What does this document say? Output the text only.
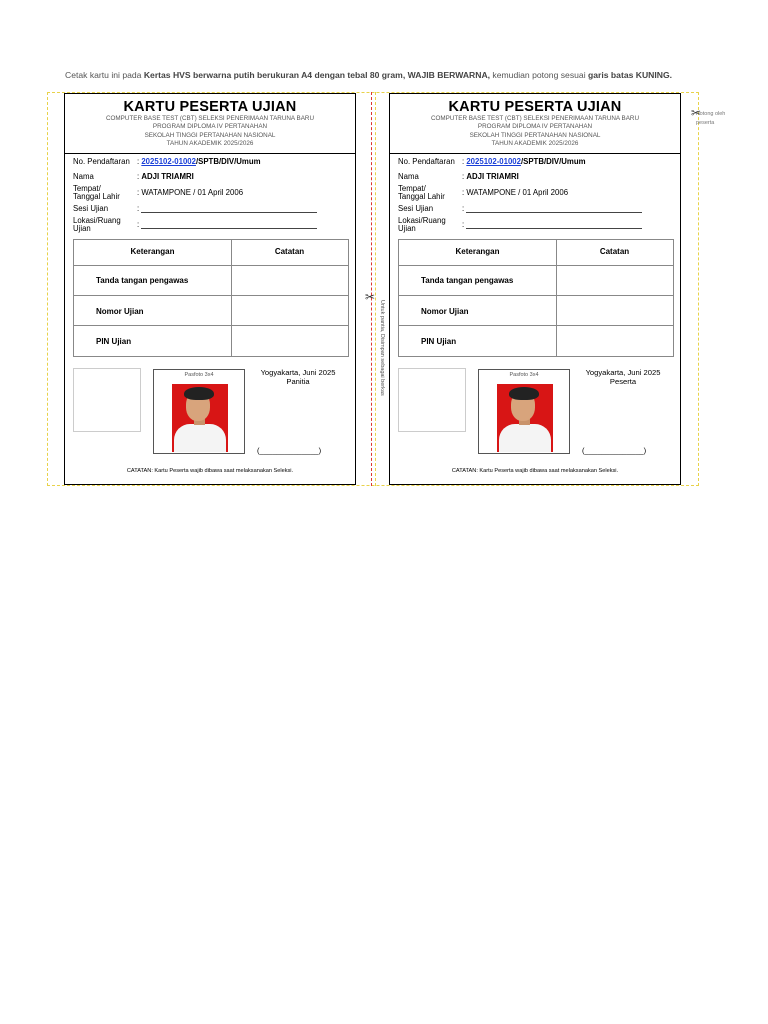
Cetak kartu ini pada Kertas HVS berwarna putih berukuran A4 dengan tebal 80 gram, WAJIB BERWARNA, kemudian potong sesuai garis batas KUNING.
✂
Untuk pantia, Disimpan sebagai berkas
✂
Potong oleh peserta
KARTU PESERTA UJIAN
COMPUTER BASE TEST (CBT) SELEKSI PENERIMAAN TARUNA BARU
PROGRAM DIPLOMA IV PERTANAHAN
SEKOLAH TINGGI PERTANAHAN NASIONAL
TAHUN AKADEMIK 2025/2026
No. Pendaftaran : 2025102-01002/SPTB/DIV/Umum
Nama	: ADJI TRIAMRI
Tempat/
Tanggal Lahir	: WATAMPONE / 01 April 2006
Sesi Ujian	:
Lokasi/Ruang
Ujian	:
Keterangan	Catatan
Tanda tangan pengawas
Nomor Ujian
PIN Ujian
Pasfoto 3x4	Yogyakarta, Juni 2025
Panitia
(______________)
CATATAN: Kartu Peserta wajib dibawa saat melaksanakan Seleksi.
KARTU PESERTA UJIAN
COMPUTER BASE TEST (CBT) SELEKSI PENERIMAAN TARUNA BARU
PROGRAM DIPLOMA IV PERTANAHAN
SEKOLAH TINGGI PERTANAHAN NASIONAL
TAHUN AKADEMIK 2025/2026
No. Pendaftaran : 2025102-01002/SPTB/DIV/Umum
Nama	: ADJI TRIAMRI
Tempat/
Tanggal Lahir	: WATAMPONE / 01 April 2006
Sesi Ujian	:
Lokasi/Ruang
Ujian	:
Keterangan	Catatan
Tanda tangan pengawas
Nomor Ujian
PIN Ujian
Pasfoto 3x4	Yogyakarta, Juni 2025
Peserta
(______________)
CATATAN: Kartu Peserta wajib dibawa saat melaksanakan Seleksi.
